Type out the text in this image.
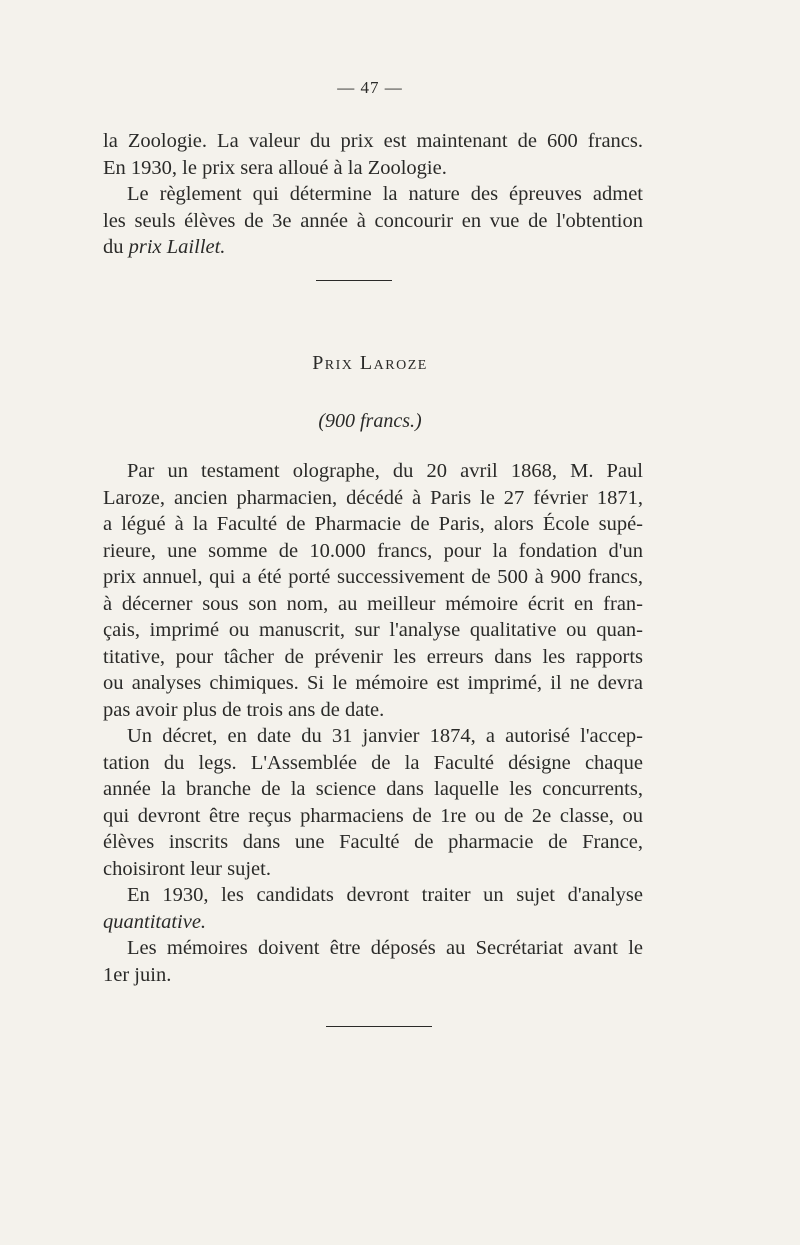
— 47 —
la Zoologie. La valeur du prix est maintenant de 600 francs.
En 1930, le prix sera alloué à la Zoologie.
Le règlement qui détermine la nature des épreuves admet
les seuls élèves de 3e année à concourir en vue de l'obtention
du prix Laillet.
Prix Laroze
(900 francs.)
Par un testament olographe, du 20 avril 1868, M. Paul
Laroze, ancien pharmacien, décédé à Paris le 27 février 1871,
a légué à la Faculté de Pharmacie de Paris, alors École supé-
rieure, une somme de 10.000 francs, pour la fondation d'un
prix annuel, qui a été porté successivement de 500 à 900 francs,
à décerner sous son nom, au meilleur mémoire écrit en fran-
çais, imprimé ou manuscrit, sur l'analyse qualitative ou quan-
titative, pour tâcher de prévenir les erreurs dans les rapports
ou analyses chimiques. Si le mémoire est imprimé, il ne devra
pas avoir plus de trois ans de date.
Un décret, en date du 31 janvier 1874, a autorisé l'accep-
tation du legs. L'Assemblée de la Faculté désigne chaque
année la branche de la science dans laquelle les concurrents,
qui devront être reçus pharmaciens de 1re ou de 2e classe, ou
élèves inscrits dans une Faculté de pharmacie de France,
choisiront leur sujet.
En 1930, les candidats devront traiter un sujet d'analyse
quantitative.
Les mémoires doivent être déposés au Secrétariat avant le
1er juin.
